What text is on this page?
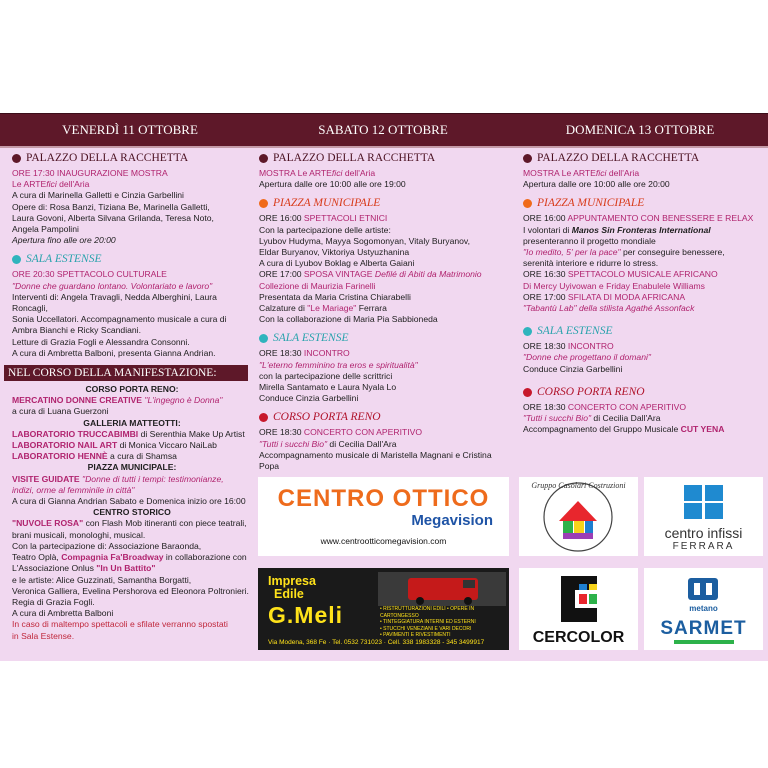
VENERDÌ 11 OTTOBRE	SABATO 12 OTTOBRE	DOMENICA 13 OTTOBRE
PALAZZO DELLA RACCHETTA

ORE 17:30 INAUGURAZIONE MOSTRA

Le ARTEfici dell'Aria

A cura di Marinella Galletti e Cinzia Garbellini

Opere di: Rosa Banzi, Tiziana Be, Marinella Galletti,

Laura Govoni, Alberta Silvana Grilanda, Teresa Noto,

Angela Pampolini

Apertura fino alle ore 20:00

SALA ESTENSE

ORE 20:30 SPETTACOLO CULTURALE

"Donne che guardano lontano. Volontariato e lavoro"

Interventi di: Angela Travagli, Nedda Alberghini, Laura Roncagli,

Sonia Uccellatori. Accompagnamento musicale a cura di

Ambra Bianchi e Ricky Scandiani.

Letture di Grazia Fogli e Alessandra Consonni.

A cura di Ambretta Balboni, presenta Gianna Andrian.

NEL CORSO DELLA MANIFESTAZIONE:

CORSO PORTA RENO:

MERCATINO DONNE CREATIVE "L'ingegno è Donna"

a cura di Luana Guerzoni

GALLERIA MATTEOTTI:

LABORATORIO TRUCCABIMBI di Serenthia Make Up Artist

LABORATORIO NAIL ART di Monica Viccaro NaiLab

LABORATORIO HENNÈ a cura di Shamsa

PIAZZA MUNICIPALE:

VISITE GUIDATE "Donne di tutti i tempi: testimonianze,

indizi, orme al femminile in città"

A cura di Gianna Andrian Sabato e Domenica inizio ore 16:00

CENTRO STORICO

"NUVOLE ROSA" con Flash Mob itineranti con piece teatrali,

brani musicali, monologhi, musical.

Con la partecipazione di: Associazione Baraonda,

Teatro Oplà, Compagnia Fa'Broadway in collaborazione con

L'Associazione Onlus "In Un Battito"

e le artiste: Alice Guzzinati, Samantha Borgatti,

Veronica Galliera, Evelina Pershorova ed Eleonora Poltronieri.

Regia di Grazia Fogli.

A cura di Ambretta Balboni

In caso di maltempo spettacoli e sfilate verranno spostati

in Sala Estense.

PALAZZO DELLA RACCHETTA

MOSTRA Le ARTEfici dell'Aria

Apertura dalle ore 10:00 alle ore 19:00

PIAZZA MUNICIPALE

ORE 16:00 SPETTACOLI ETNICI

Con la partecipazione delle artiste:

Lyubov Hudyma, Mayya Sogomonyan, Vitaly Buryanov,

Eldar Buryanov, Viktoriya Ustyuzhanina

A cura di Lyubov Boklag e Alberta Gaiani

ORE 17:00 SPOSA VINTAGE Defilé di Abiti da Matrimonio

Collezione di Maurizia Farinelli

Presentata da Maria Cristina Chiarabelli

Calzature di "Le Mariage" Ferrara

Con la collaborazione di Maria Pia Sabbioneda

SALA ESTENSE

ORE 18:30 INCONTRO

"L'eterno femminino tra eros e spiritualità"

con la partecipazione delle scrittrici

Mirella Santamato e Laura Nyala Lo

Conduce Cinzia Garbellini

CORSO PORTA RENO

ORE 18:30 CONCERTO CON APERITIVO

"Tutti i succhi Bio" di Cecilia Dall'Ara

Accompagnamento musicale di Maristella Magnani e Cristina Popa

PALAZZO DELLA RACCHETTA

MOSTRA Le ARTEfici dell'Aria

Apertura dalle ore 10:00 alle ore 20:00

PIAZZA MUNICIPALE

ORE 16:00 APPUNTAMENTO CON BENESSERE E RELAX

I volontari di Manos Sin Fronteras International

presenteranno il progetto mondiale

"Io medito, 5' per la pace" per conseguire benessere,

serenità interiore e ridurre lo stress.

ORE 16:30 SPETTACOLO MUSICALE AFRICANO

Di Mercy Uyivowan e Friday Enabulele Williams

ORE 17:00 SFILATA DI MODA AFRICANA

"Tabantù Lab" della stilista Agathé Assonfack

SALA ESTENSE

ORE 18:30 INCONTRO

"Donne che progettano il domani"

Conduce Cinzia Garbellini

CORSO PORTA RENO

ORE 18:30 CONCERTO CON APERITIVO

"Tutti i succhi Bio" di Cecilia Dall'Ara

Accompagnamento del Gruppo Musicale CUT YENA

CENTRO OTTICO
Megavision
www.centrootticomegavision.com
Gruppo Casolari Costruzioni
centro infissi
FERRARA
Impresa
Edile
G.Meli	• RISTRUTTURAZIONI EDILI • OPERE IN CARTONGESSO
• TINTEGGIATURA INTERNI ED ESTERNI
• STUCCHI VENEZIANI E VARI DECORI
• PAVIMENTI E RIVESTIMENTI
Via Modena, 368 Fe · Tel. 0532 731023 · Cell. 338 1983328 - 345 3499917	CERCOLOR
metano
SARMET
